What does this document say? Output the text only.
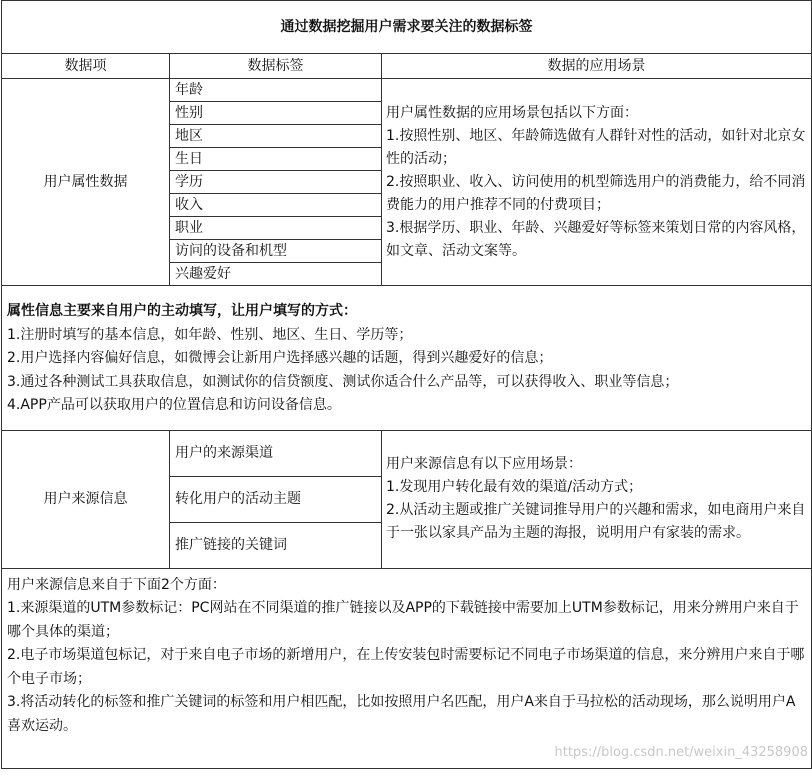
通过数据挖掘用户需求要关注的数据标签		
数据项	数据标签	数据的应用场景
用户属性数据	年龄	用户属性数据的应用场景包括以下方面：
1.按照性别、地区、年龄筛选做有人群针对性的活动，如针对北京女性的活动；
2.按照职业、收入、访问使用的机型筛选用户的消费能力，给不同消费能力的用户推荐不同的付费项目；
3.根据学历、职业、年龄、兴趣爱好等标签来策划日常的内容风格，如文章、活动文案等。

	性别	
	地区	
	生日	
	学历	
	收入	
	职业	
	访问的设备和机型	
	兴趣爱好	

属性信息主要来自用户的主动填写，让用户填写的方式：
1.注册时填写的基本信息，如年龄、性别、地区、生日、学历等；
2.用户选择内容偏好信息，如微博会让新用户选择感兴趣的话题，得到兴趣爱好的信息；
3.通过各种测试工具获取信息，如测试你的信贷额度、测试你适合什么产品等，可以获得收入、职业等信息；
4.APP产品可以获取用户的位置信息和访问设备信息。		

用户来源信息	用户的来源渠道	用户来源信息有以下应用场景：
1.发现用户转化最有效的渠道/活动方式；
2.从活动主题或推广关键词推导用户的兴趣和需求，如电商用户来自于一张以家具产品为主题的海报，说明用户有家装的需求。

	转化用户的活动主题	
	推广链接的关键词	

用户来源信息来自于下面2个方面：
1.来源渠道的UTM参数标记：PC网站在不同渠道的推广链接以及APP的下载链接中需要加上UTM参数标记，用来分辨用户来自于哪个具体的渠道；
2.电子市场渠道包标记，对于来自电子市场的新增用户，在上传安装包时需要标记不同电子市场渠道的信息，来分辨用户来自于哪个电子市场；
3.将活动转化的标签和推广关键词的标签和用户相匹配，比如按照用户名匹配，用户A来自于马拉松的活动现场，那么说明用户A喜欢运动。		
https://blog.csdn.net/weixin_43258908
